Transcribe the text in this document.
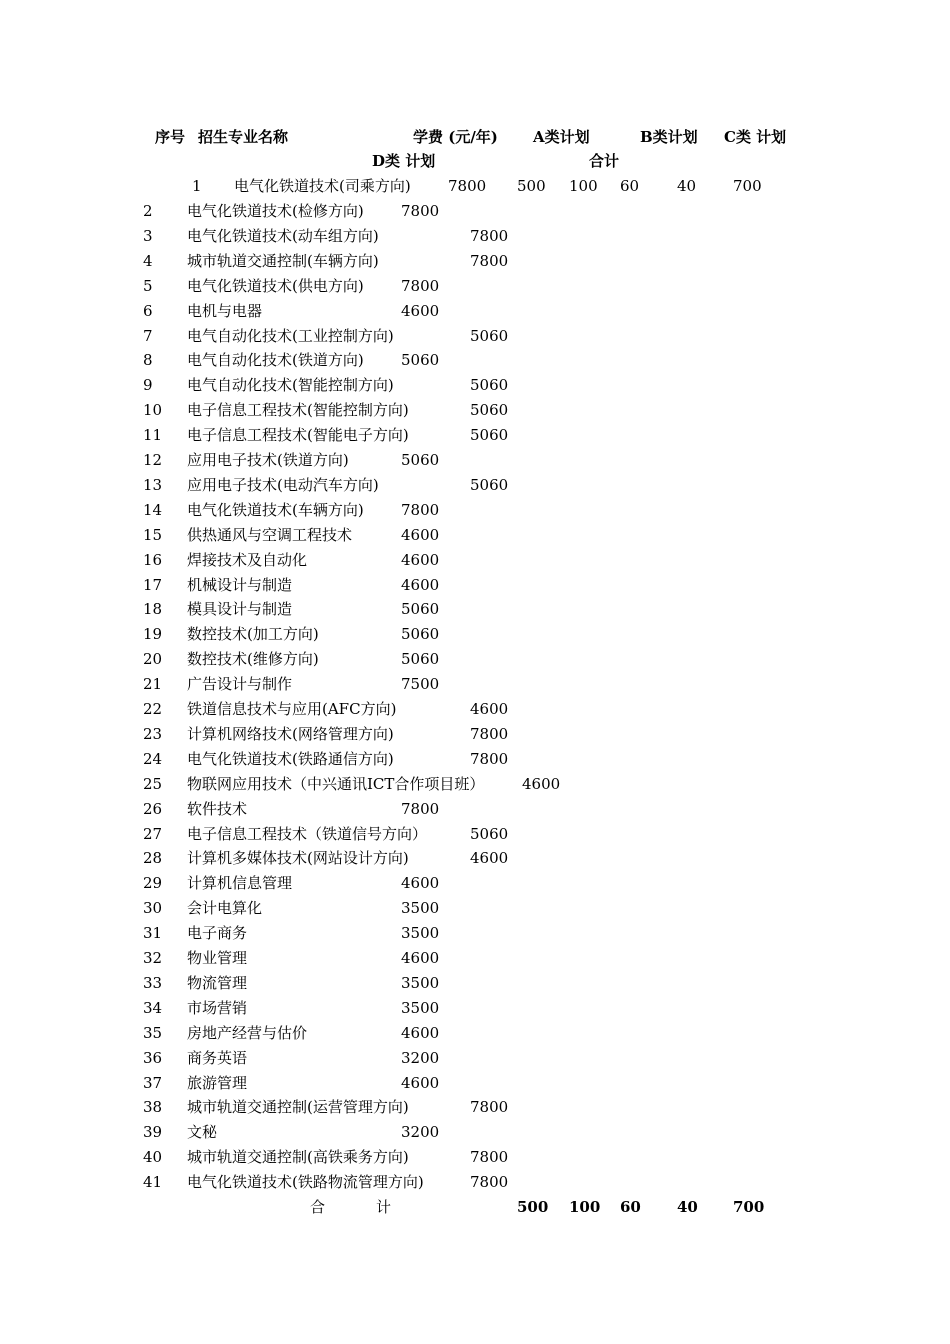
序号 招生专业名称	学费 (元/年) A类计划	B类计划 C类 计划
D类 计划	合计
1 电气化铁道技术(司乘方向) 7800 500 100 60	40 700
2 电气化铁道技术(检修方向) 7800
3 电气化铁道技术(动车组方向)	7800
4 城市轨道交通控制(车辆方向)	7800
5 电气化铁道技术(供电方向) 7800
6 电机与电器	4600
7 电气自动化技术(工业控制方向)	5060
8 电气自动化技术(铁道方向) 5060
9 电气自动化技术(智能控制方向)	5060
10 电子信息工程技术(智能控制方向)	5060
11 电子信息工程技术(智能电子方向)	5060
12 应用电子技术(铁道方向)	5060
13 应用电子技术(电动汽车方向)	5060
14 电气化铁道技术(车辆方向) 7800
15 供热通风与空调工程技术	4600
16 焊接技术及自动化	4600
17 机械设计与制造	4600
18 模具设计与制造	5060
19 数控技术(加工方向)	5060
20 数控技术(维修方向)	5060
21 广告设计与制作	7500
22 铁道信息技术与应用(AFC方向)	4600
23 计算机网络技术(网络管理方向)	7800
24 电气化铁道技术(铁路通信方向)	7800
25 物联网应用技术（中兴通讯ICT合作项目班）	4600
26 软件技术	7800
27 电子信息工程技术（铁道信号方向）	5060
28 计算机多媒体技术(网站设计方向)	4600
29 计算机信息管理	4600
30 会计电算化	3500
31 电子商务	3500
32 物业管理	4600
33 物流管理	3500
34 市场营销	3500
35 房地产经营与估价	4600
36 商务英语	3200
37 旅游管理	4600
38 城市轨道交通控制(运营管理方向)	7800
39 文秘	3200
40 城市轨道交通控制(高铁乘务方向)	7800
41 电气化铁道技术(铁路物流管理方向)	7800
合	计	500 100 60 40 700
